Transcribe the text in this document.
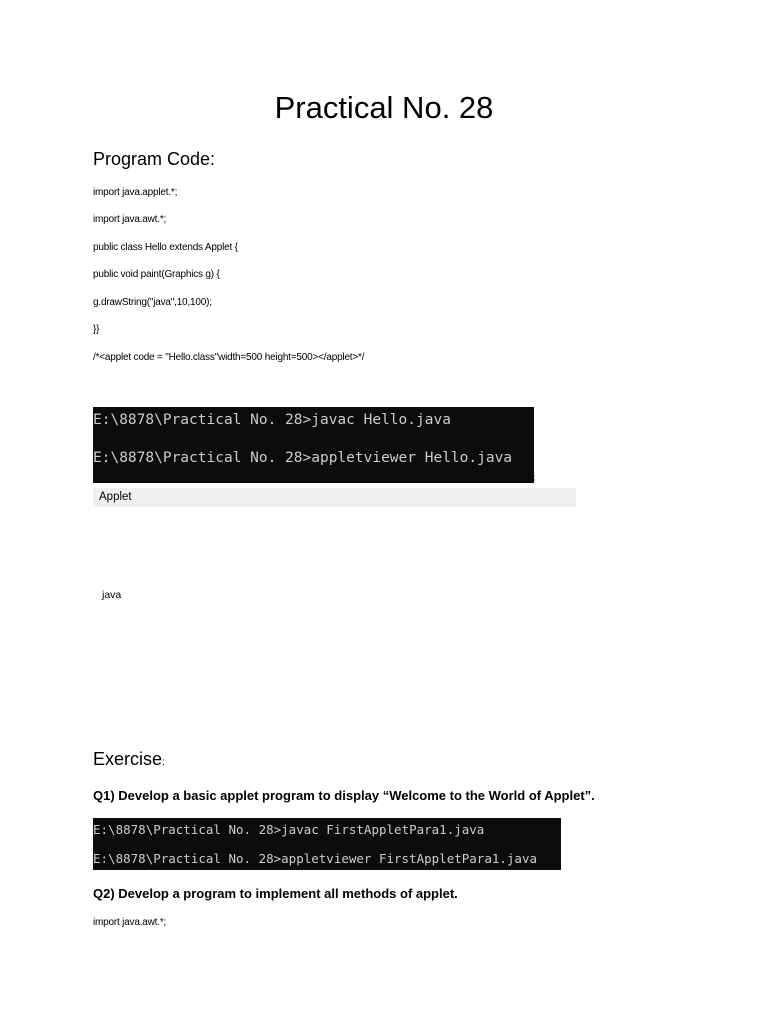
Practical No. 28
Program Code:
import java.applet.*;
import java.awt.*;
public class Hello extends Applet {
public void paint(Graphics g) {
g.drawString("java",10,100);
}}
/*<applet code = "Hello.class"width=500 height=500></applet>*/

E:\8878\Practical No. 28>javac Hello.java

E:\8878\Practical No. 28>appletviewer Hello.java

;
Applet
java
Exercise:
Q1) Develop a basic applet program to display “Welcome to the World of Applet”.

E:\8878\Practical No. 28>javac FirstAppletPara1.java

E:\8878\Practical No. 28>appletviewer FirstAppletPara1.java

Q2) Develop a program to implement all methods of applet.
import java.awt.*;
